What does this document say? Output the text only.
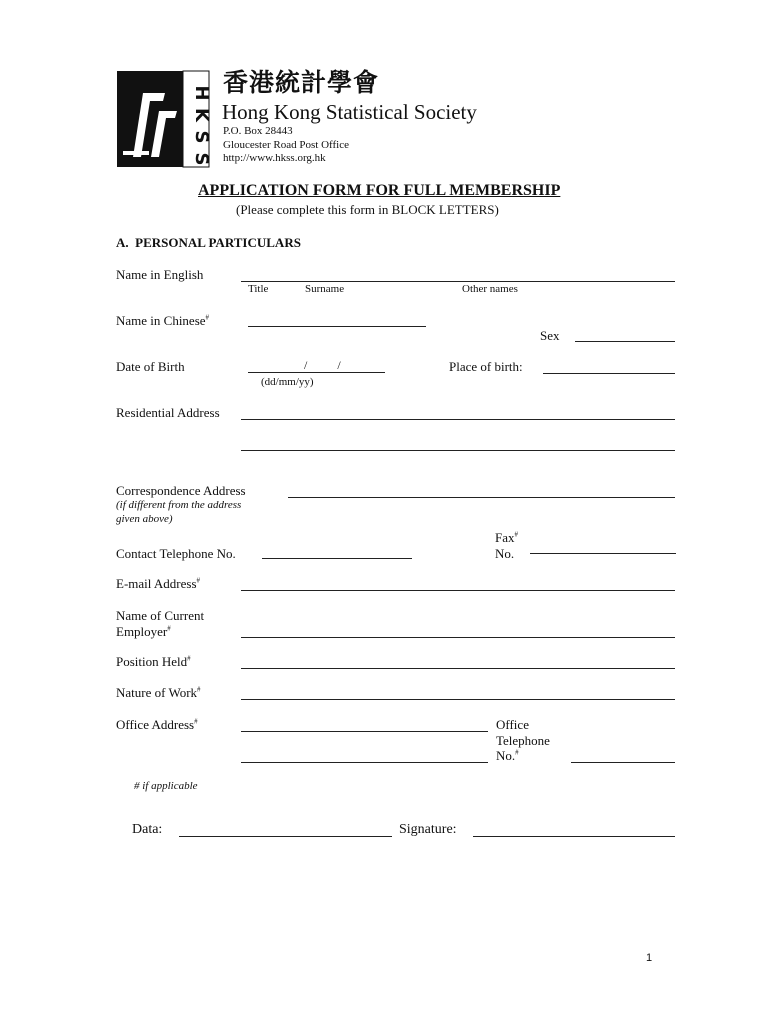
H
K
S
S
香港統計學會
Hong Kong Statistical Society
P.O. Box 28443
Gloucester Road Post Office
http://www.hkss.org.hk
APPLICATION FORM FOR FULL MEMBERSHIP
(Please complete this form in BLOCK LETTERS)
A.  PERSONAL PARTICULARS
Name in English
Title	Surname	Other names
Name in Chinese#
Sex
Date of Birth	/          /
(dd/mm/yy)
Place of birth:
Residential Address
Correspondence Address
(if different from the address
given above)
Contact Telephone No.
Fax#
No.
E-mail Address#
Name of Current
Employer#
Position Held#
Nature of Work#
Office Address#	Office
Telephone
No.#
# if applicable
Data:	Signature:
1
